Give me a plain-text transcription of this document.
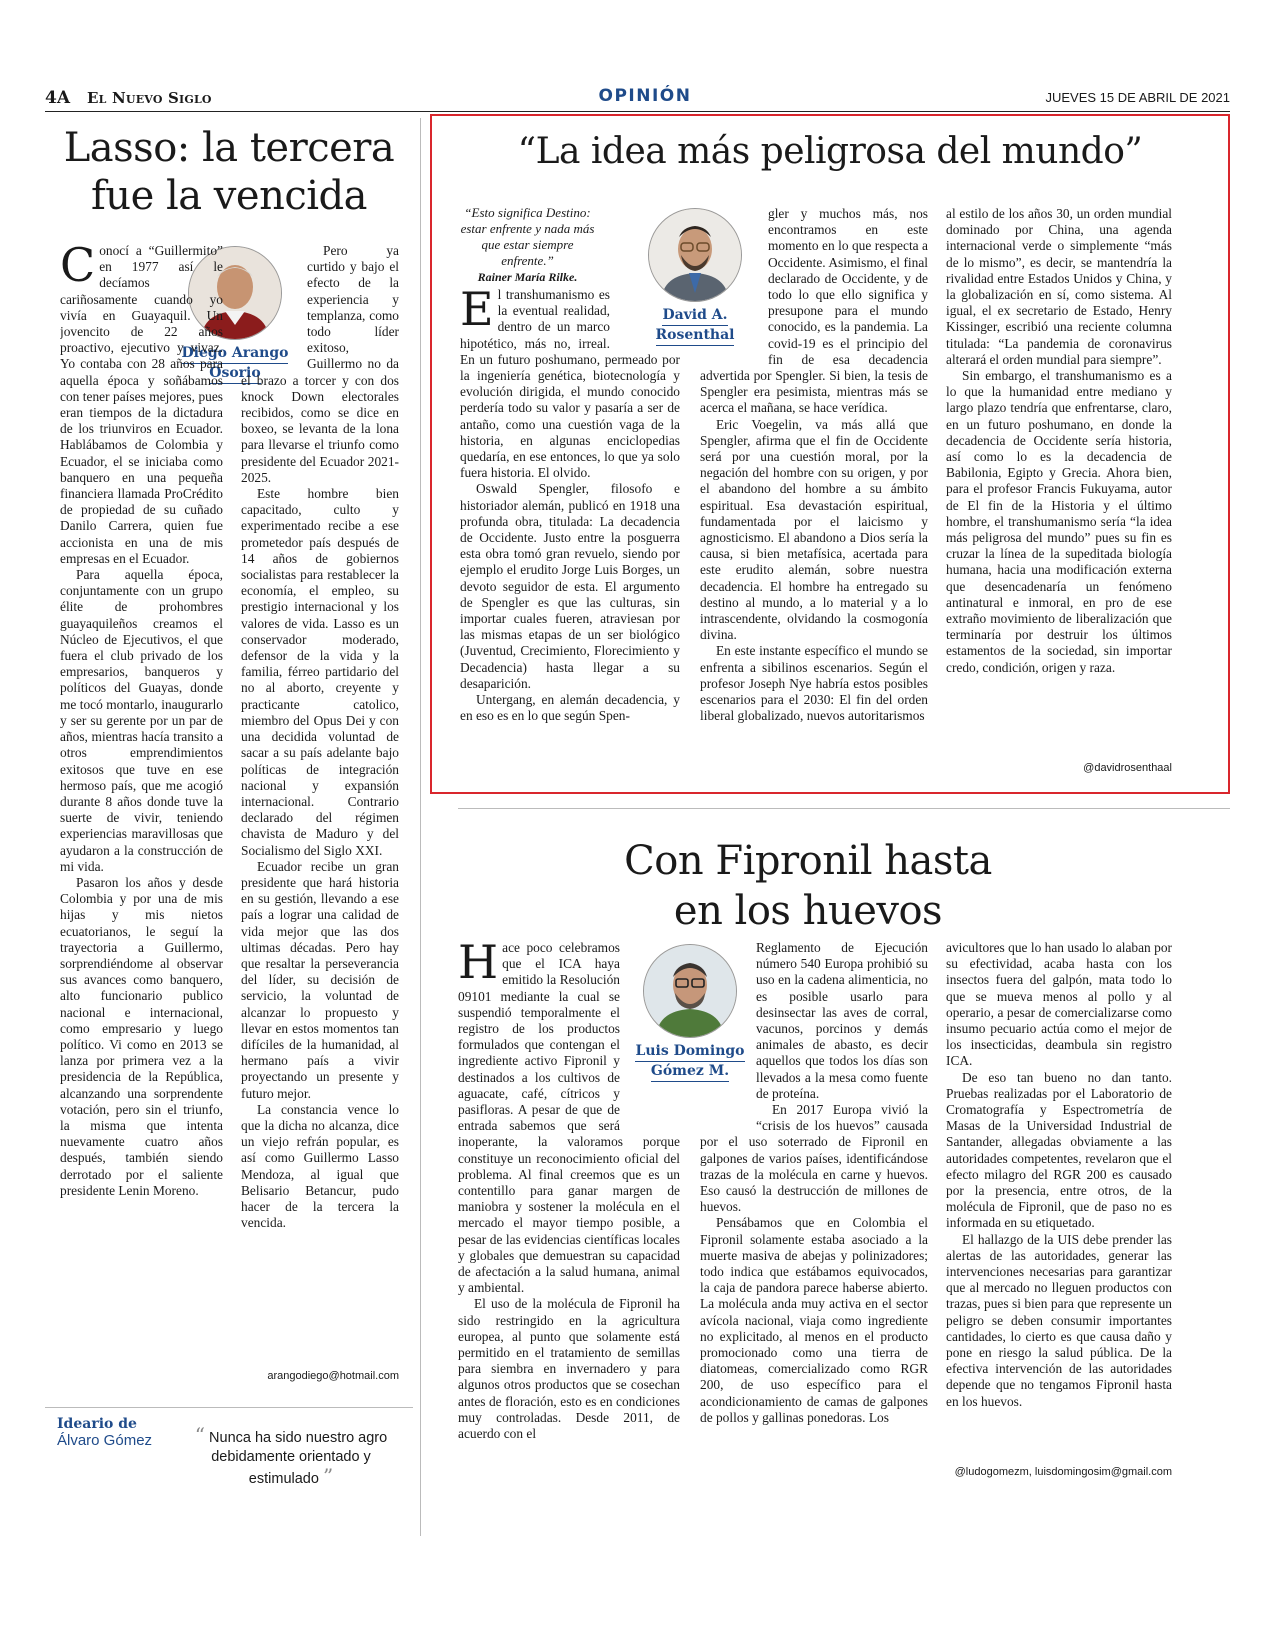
4A El Nuevo Siglo	OPINIÓN	JUEVES 15 DE ABRIL DE 2021
Lasso: la tercera
fue la vencida
Diego Arango
Osorio
C onocí a “Guillermito” en 1977 así le decíamos cariñosamente cuando yo vivía en Guayaquil. Un jovencito de 22 años proactivo, ejecutivo y vivaz. Yo contaba con 28 años para aquella época y soñábamos con tener países mejores, pues eran tiempos de la dictadura de los triunviros en Ecuador. Hablábamos de Colombia y Ecuador, el se iniciaba como banquero en una pequeña financiera llamada ProCrédito de propiedad de su cuñado Danilo Carrera, quien fue accionista en una de mis empresas en el Ecuador.

Para aquella época, conjuntamente con un grupo élite de prohombres guayaquileños creamos el Núcleo de Ejecutivos, el que fuera el club privado de los empresarios, banqueros y políticos del Guayas, donde me tocó montarlo, inaugurarlo y ser su gerente por un par de años, mientras hacía transito a otros emprendimientos exitosos que tuve en ese hermoso país, que me acogió durante 8 años donde tuve la suerte de vivir, teniendo experiencias maravillosas que ayudaron a la construcción de mi vida.

Pasaron los años y desde Colombia y por una de mis hijas y mis nietos ecuatorianos, le seguí la trayectoria a Guillermo, sorprendiéndome al observar sus avances como banquero, alto funcionario publico nacional e internacional, como empresario y luego político. Vi como en 2013 se lanza por primera vez a la presidencia de la República, alcanzando una sorprendente votación, pero sin el triunfo, la misma que intenta nuevamente cuatro años después, también siendo derrotado por el saliente presidente Lenin Moreno.

Pero ya curtido y bajo el efecto de la experiencia y templanza, como todo líder exitoso, Guillermo no da el brazo a torcer y con dos knock Down electorales recibidos, como se dice en boxeo, se levanta de la lona para llevarse el triunfo como presidente del Ecuador 2021-2025.

Este hombre bien capacitado, culto y experimentado recibe a ese prometedor país después de 14 años de gobiernos socialistas para restablecer la economía, el empleo, su prestigio internacional y los valores de vida. Lasso es un conservador moderado, defensor de la vida y la familia, férreo partidario del no al aborto, creyente y practicante catolico, miembro del Opus Dei y con una decidida voluntad de sacar a su país adelante bajo políticas de integración nacional y expansión internacional. Contrario declarado del régimen chavista de Maduro y del Socialismo del Siglo XXI.

Ecuador recibe un gran presidente que hará historia en su gestión, llevando a ese país a lograr una calidad de vida mejor que las dos ultimas décadas. Pero hay que resaltar la perseverancia del líder, su decisión de servicio, la voluntad de alcanzar lo propuesto y llevar en estos momentos tan difíciles de la humanidad, al hermano país a vivir proyectando un presente y futuro mejor.

La constancia vence lo que la dicha no alcanza, dice un viejo refrán popular, es así como Guillermo Lasso Mendoza, al igual que Belisario Betancur, pudo hacer de la tercera la vencida.

arangodiego@hotmail.com
Ideario de
Álvaro Gómez	“ Nunca ha sido nuestro agro debidamente orientado y estimulado ”
“La idea más peligrosa del mundo”
“Esto significa Destino: estar enfrente y nada más que estar siempre enfrente.”
Rainer María Rilke.
David A.
Rosenthal
E l transhumanismo es la eventual realidad, dentro de un marco hipotético, más no, irreal. En un futuro poshumano, permeado por la ingeniería genética, biotecnología y evolución dirigida, el mundo conocido perdería todo su valor y pasaría a ser de antaño, como una cuestión vaga de la historia, en algunas enciclopedias quedaría, en ese entonces, lo que ya solo fuera historia. El olvido.

Oswald Spengler, filosofo e historiador alemán, publicó en 1918 una profunda obra, titulada: La decadencia de Occidente. Justo entre la posguerra esta obra tomó gran revuelo, siendo por ejemplo el erudito Jorge Luis Borges, un devoto seguidor de esta. El argumento de Spengler es que las culturas, sin importar cuales fueren, atraviesan por las mismas etapas de un ser biológico (Juventud, Crecimiento, Florecimiento y Decadencia) hasta llegar a su desaparición.

Untergang, en alemán decadencia, y en eso es en lo que según Spen-

gler y muchos más, nos encontramos en este momento en lo que respecta a Occidente. Asimismo, el final declarado de Occidente, y de todo lo que ello significa y presupone para el mundo conocido, es la pandemia. La covid-19 es el principio del fin de esa decadencia advertida por Spengler. Si bien, la tesis de Spengler era pesimista, mientras más se acerca el mañana, se hace verídica.

Eric Voegelin, va más allá que Spengler, afirma que el fin de Occidente será por una cuestión moral, por la negación del hombre con su origen, y por el abandono del hombre a su ámbito espiritual. Esa devastación espiritual, fundamentada por el laicismo y agnosticismo. El abandono a Dios sería la causa, si bien metafísica, acertada para este erudito alemán, sobre nuestra decadencia. El hombre ha entregado su destino al mundo, a lo material y a lo intrascendente, olvidando la cosmogonía divina.

En este instante específico el mundo se enfrenta a sibilinos escenarios. Según el profesor Joseph Nye habría estos posibles escenarios para el 2030: El fin del orden liberal globalizado, nuevos autoritarismos

al estilo de los años 30, un orden mundial dominado por China, una agenda internacional verde o simplemente “más de lo mismo”, es decir, se mantendría la rivalidad entre Estados Unidos y China, y la globalización en sí, como sistema. Al igual, el ex secretario de Estado, Henry Kissinger, escribió una reciente columna titulada: “La pandemia de coronavirus alterará el orden mundial para siempre”.

Sin embargo, el transhumanismo es a lo que la humanidad entre mediano y largo plazo tendría que enfrentarse, claro, en un futuro poshumano, en donde la decadencia de Occidente sería historia, así como lo es la decadencia de Babilonia, Egipto y Grecia. Ahora bien, para el profesor Francis Fukuyama, autor de El fin de la Historia y el último hombre, el transhumanismo sería “la idea más peligrosa del mundo” pues su fin es cruzar la línea de la supeditada biología humana, hacia una modificación externa que desencadenaría un fenómeno antinatural e inmoral, en pro de ese extraño movimiento de liberalización que terminaría por destruir los últimos estamentos de la sociedad, sin importar credo, condición, origen y raza.

@davidrosenthaal
Con Fipronil hasta
en los huevos
Luis Domingo
Gómez M.
H ace poco celebramos que el ICA haya emitido la Resolución 09101 mediante la cual se suspendió temporalmente el registro de los productos formulados que contengan el ingrediente activo Fipronil y destinados a los cultivos de aguacate, café, cítricos y pasifloras. A pesar de que de entrada sabemos que será inoperante, la valoramos porque constituye un reconocimiento oficial del problema. Al final creemos que es un contentillo para ganar margen de maniobra y sostener la molécula en el mercado el mayor tiempo posible, a pesar de las evidencias científicas locales y globales que demuestran su capacidad de afectación a la salud humana, animal y ambiental.

El uso de la molécula de Fipronil ha sido restringido en la agricultura europea, al punto que solamente está permitido en el tratamiento de semillas para siembra en invernadero y para algunos otros productos que se cosechan antes de floración, esto es en condiciones muy controladas. Desde 2011, de acuerdo con el

Reglamento de Ejecución número 540 Europa prohibió su uso en la cadena alimenticia, no es posible usarlo para desinsectar las aves de corral, vacunos, porcinos y demás animales de abasto, es decir aquellos que todos los días son llevados a la mesa como fuente de proteína.

En 2017 Europa vivió la “crisis de los huevos” causada por el uso soterrado de Fipronil en galpones de varios países, identificándose trazas de la molécula en carne y huevos. Eso causó la destrucción de millones de huevos.

Pensábamos que en Colombia el Fipronil solamente estaba asociado a la muerte masiva de abejas y polinizadores; todo indica que estábamos equivocados, la caja de pandora parece haberse abierto. La molécula anda muy activa en el sector avícola nacional, viaja como ingrediente no explicitado, al menos en el producto promocionado como una tierra de diatomeas, comercializado como RGR 200, de uso específico para el acondicionamiento de camas de galpones de pollos y gallinas ponedoras. Los

avicultores que lo han usado lo alaban por su efectividad, acaba hasta con los insectos fuera del galpón, mata todo lo que se mueva menos al pollo y al operario, a pesar de comercializarse como insumo pecuario actúa como el mejor de los insecticidas, deambula sin registro ICA.

De eso tan bueno no dan tanto. Pruebas realizadas por el Laboratorio de Cromatografía y Espectrometría de Masas de la Universidad Industrial de Santander, allegadas obviamente a las autoridades competentes, revelaron que el efecto milagro del RGR 200 es causado por la presencia, entre otros, de la molécula de Fipronil, que de paso no es informada en su etiquetado.

El hallazgo de la UIS debe prender las alertas de las autoridades, generar las intervenciones necesarias para garantizar que al mercado no lleguen productos con trazas, pues si bien para que represente un peligro se deben consumir importantes cantidades, lo cierto es que causa daño y pone en riesgo la salud pública. De la efectiva intervención de las autoridades depende que no tengamos Fipronil hasta en los huevos.

@ludogomezm, luisdomingosim@gmail.com
